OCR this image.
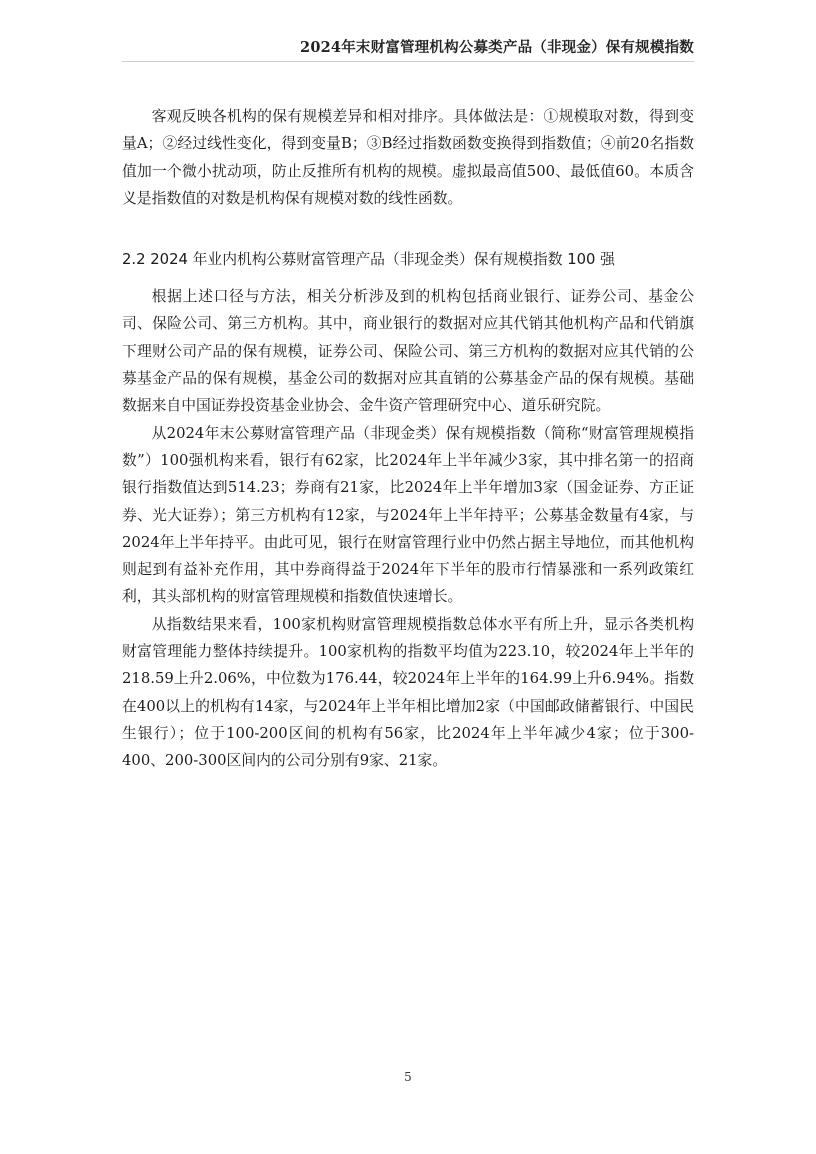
2024年末财富管理机构公募类产品（非现金）保有规模指数

客观反映各机构的保有规模差异和相对排序。具体做法是：①规模取对数，得到变量A；②经过线性变化，得到变量B；③B经过指数函数变换得到指数值；④前20名指数值加一个微小扰动项，防止反推所有机构的规模。虚拟最高值500、最低值60。本质含义是指数值的对数是机构保有规模对数的线性函数。

2.2 2024 年业内机构公募财富管理产品（非现金类）保有规模指数 100 强

根据上述口径与方法，相关分析涉及到的机构包括商业银行、证券公司、基金公司、保险公司、第三方机构。其中，商业银行的数据对应其代销其他机构产品和代销旗下理财公司产品的保有规模，证券公司、保险公司、第三方机构的数据对应其代销的公募基金产品的保有规模，基金公司的数据对应其直销的公募基金产品的保有规模。基础数据来自中国证券投资基金业协会、金牛资产管理研究中心、道乐研究院。

从2024年末公募财富管理产品（非现金类）保有规模指数（简称“财富管理规模指数”）100强机构来看，银行有62家，比2024年上半年减少3家，其中排名第一的招商银行指数值达到514.23；券商有21家，比2024年上半年增加3家（国金证券、方正证券、光大证券）；第三方机构有12家，与2024年上半年持平；公募基金数量有4家，与2024年上半年持平。由此可见，银行在财富管理行业中仍然占据主导地位，而其他机构则起到有益补充作用，其中券商得益于2024年下半年的股市行情暴涨和一系列政策红利，其头部机构的财富管理规模和指数值快速增长。

从指数结果来看，100家机构财富管理规模指数总体水平有所上升，显示各类机构财富管理能力整体持续提升。100家机构的指数平均值为223.10，较2024年上半年的218.59上升2.06%，中位数为176.44，较2024年上半年的164.99上升6.94%。指数在400以上的机构有14家，与2024年上半年相比增加2家（中国邮政储蓄银行、中国民生银行）；位于100-200区间的机构有56家，比2024年上半年减少4家；位于300-400、200-300区间内的公司分别有9家、21家。

5
